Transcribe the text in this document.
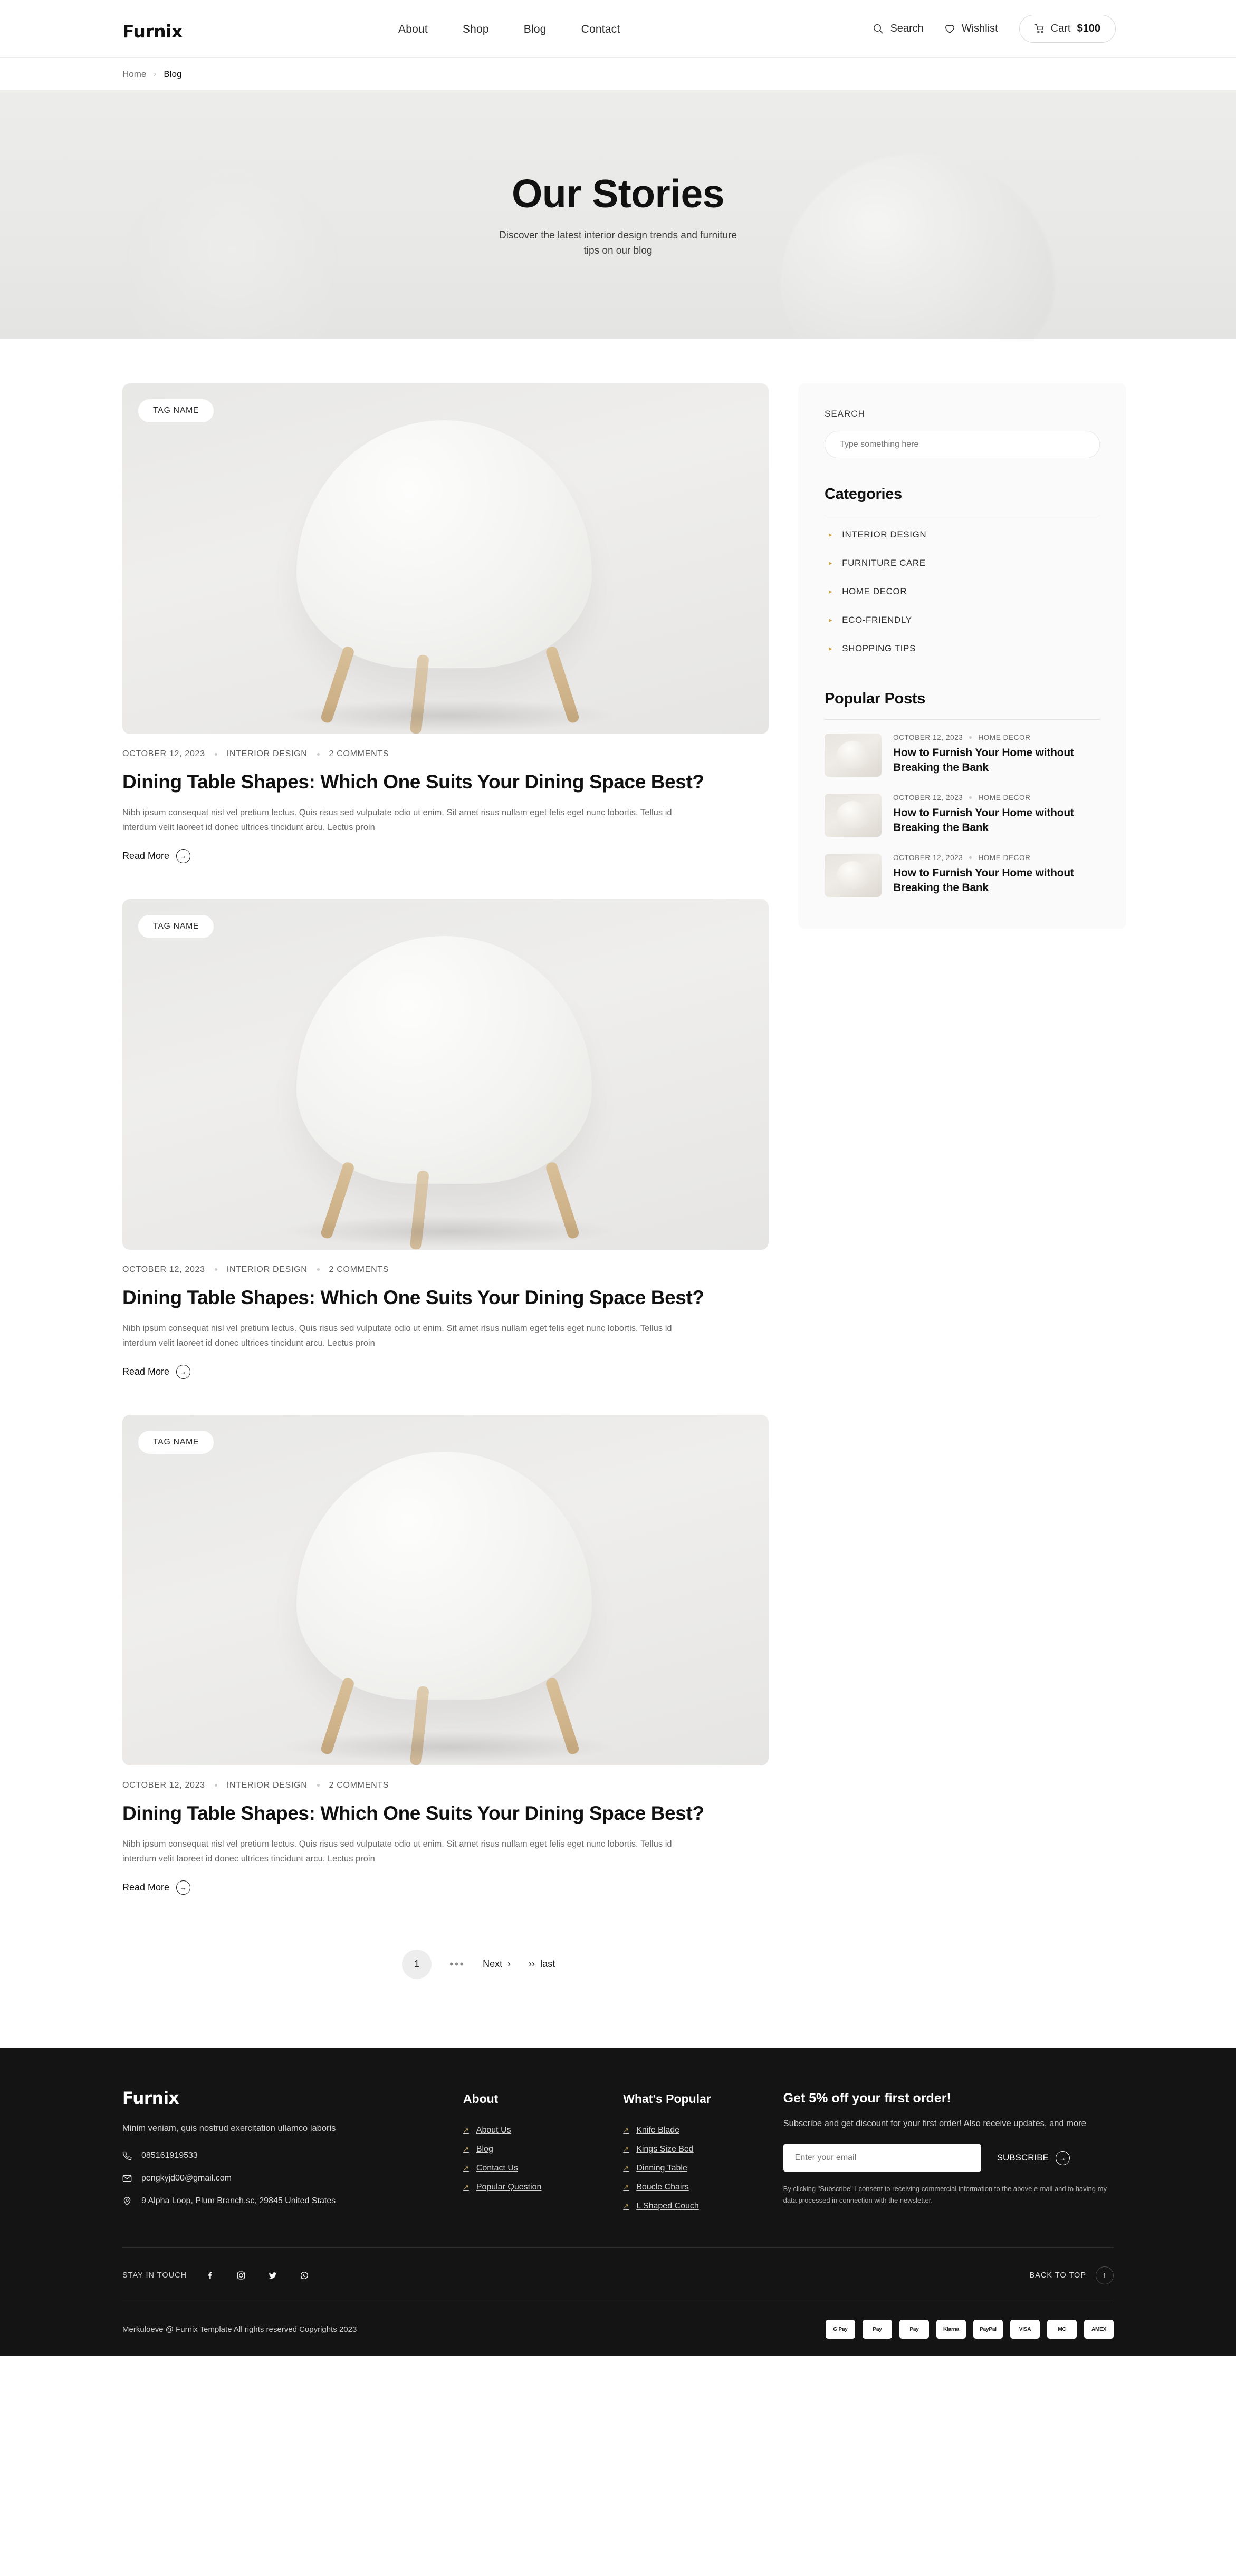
Furnix	About	Shop	Blog	Contact	Search	Wishlist	Cart $100
Home › Blog
Our Stories
Discover the latest interior design trends and furniture tips on our blog
TAG NAME
OCTOBER 12, 2023	INTERIOR DESIGN	2 COMMENTS
Dining Table Shapes: Which One Suits Your Dining Space Best?
Nibh ipsum consequat nisl vel pretium lectus. Quis risus sed vulputate odio ut enim. Sit amet risus nullam eget felis eget nunc lobortis. Tellus id interdum velit laoreet id donec ultrices tincidunt arcu. Lectus proin
Read More	→
TAG NAME
OCTOBER 12, 2023	INTERIOR DESIGN	2 COMMENTS
Dining Table Shapes: Which One Suits Your Dining Space Best?
Nibh ipsum consequat nisl vel pretium lectus. Quis risus sed vulputate odio ut enim. Sit amet risus nullam eget felis eget nunc lobortis. Tellus id interdum velit laoreet id donec ultrices tincidunt arcu. Lectus proin
Read More	→
TAG NAME
OCTOBER 12, 2023	INTERIOR DESIGN	2 COMMENTS
Dining Table Shapes: Which One Suits Your Dining Space Best?
Nibh ipsum consequat nisl vel pretium lectus. Quis risus sed vulputate odio ut enim. Sit amet risus nullam eget felis eget nunc lobortis. Tellus id interdum velit laoreet id donec ultrices tincidunt arcu. Lectus proin
Read More	→
1	••• Next › ›› last
SEARCH
Type something here
Categories
▸ INTERIOR DESIGN
▸ FURNITURE CARE
▸ HOME DECOR
▸ ECO-FRIENDLY
▸ SHOPPING TIPS
Popular Posts
OCTOBER 12, 2023 HOME DECOR
How to Furnish Your Home without Breaking the Bank
OCTOBER 12, 2023 HOME DECOR
How to Furnish Your Home without Breaking the Bank
OCTOBER 12, 2023 HOME DECOR
How to Furnish Your Home without Breaking the Bank
Furnix
Minim veniam, quis nostrud exercitation ullamco laboris
085161919533
pengkyjd00@gmail.com
9 Alpha Loop, Plum Branch,sc, 29845 United States
About
↗ About Us
↗ Blog
↗ Contact Us
↗ Popular Question
What's Popular
↗ Knife Blade
↗ Kings Size Bed
↗ Dinning Table
↗ Boucle Chairs
↗ L Shaped Couch
Get 5% off your first order!
Subscribe and get discount for your first order! Also receive updates, and more
Enter your email
SUBSCRIBE	→
By clicking "Subscribe" I consent to receiving commercial information to the above e-mail and to having my data processed in connection with the newsletter.
STAY IN TOUCH	BACK TO TOP	↑
Merkuloeve @ Furnix Template All rights reserved Copyrights 2023	G Pay	Pay	Pay	Klarna	PayPal	VISA	MC	AMEX
